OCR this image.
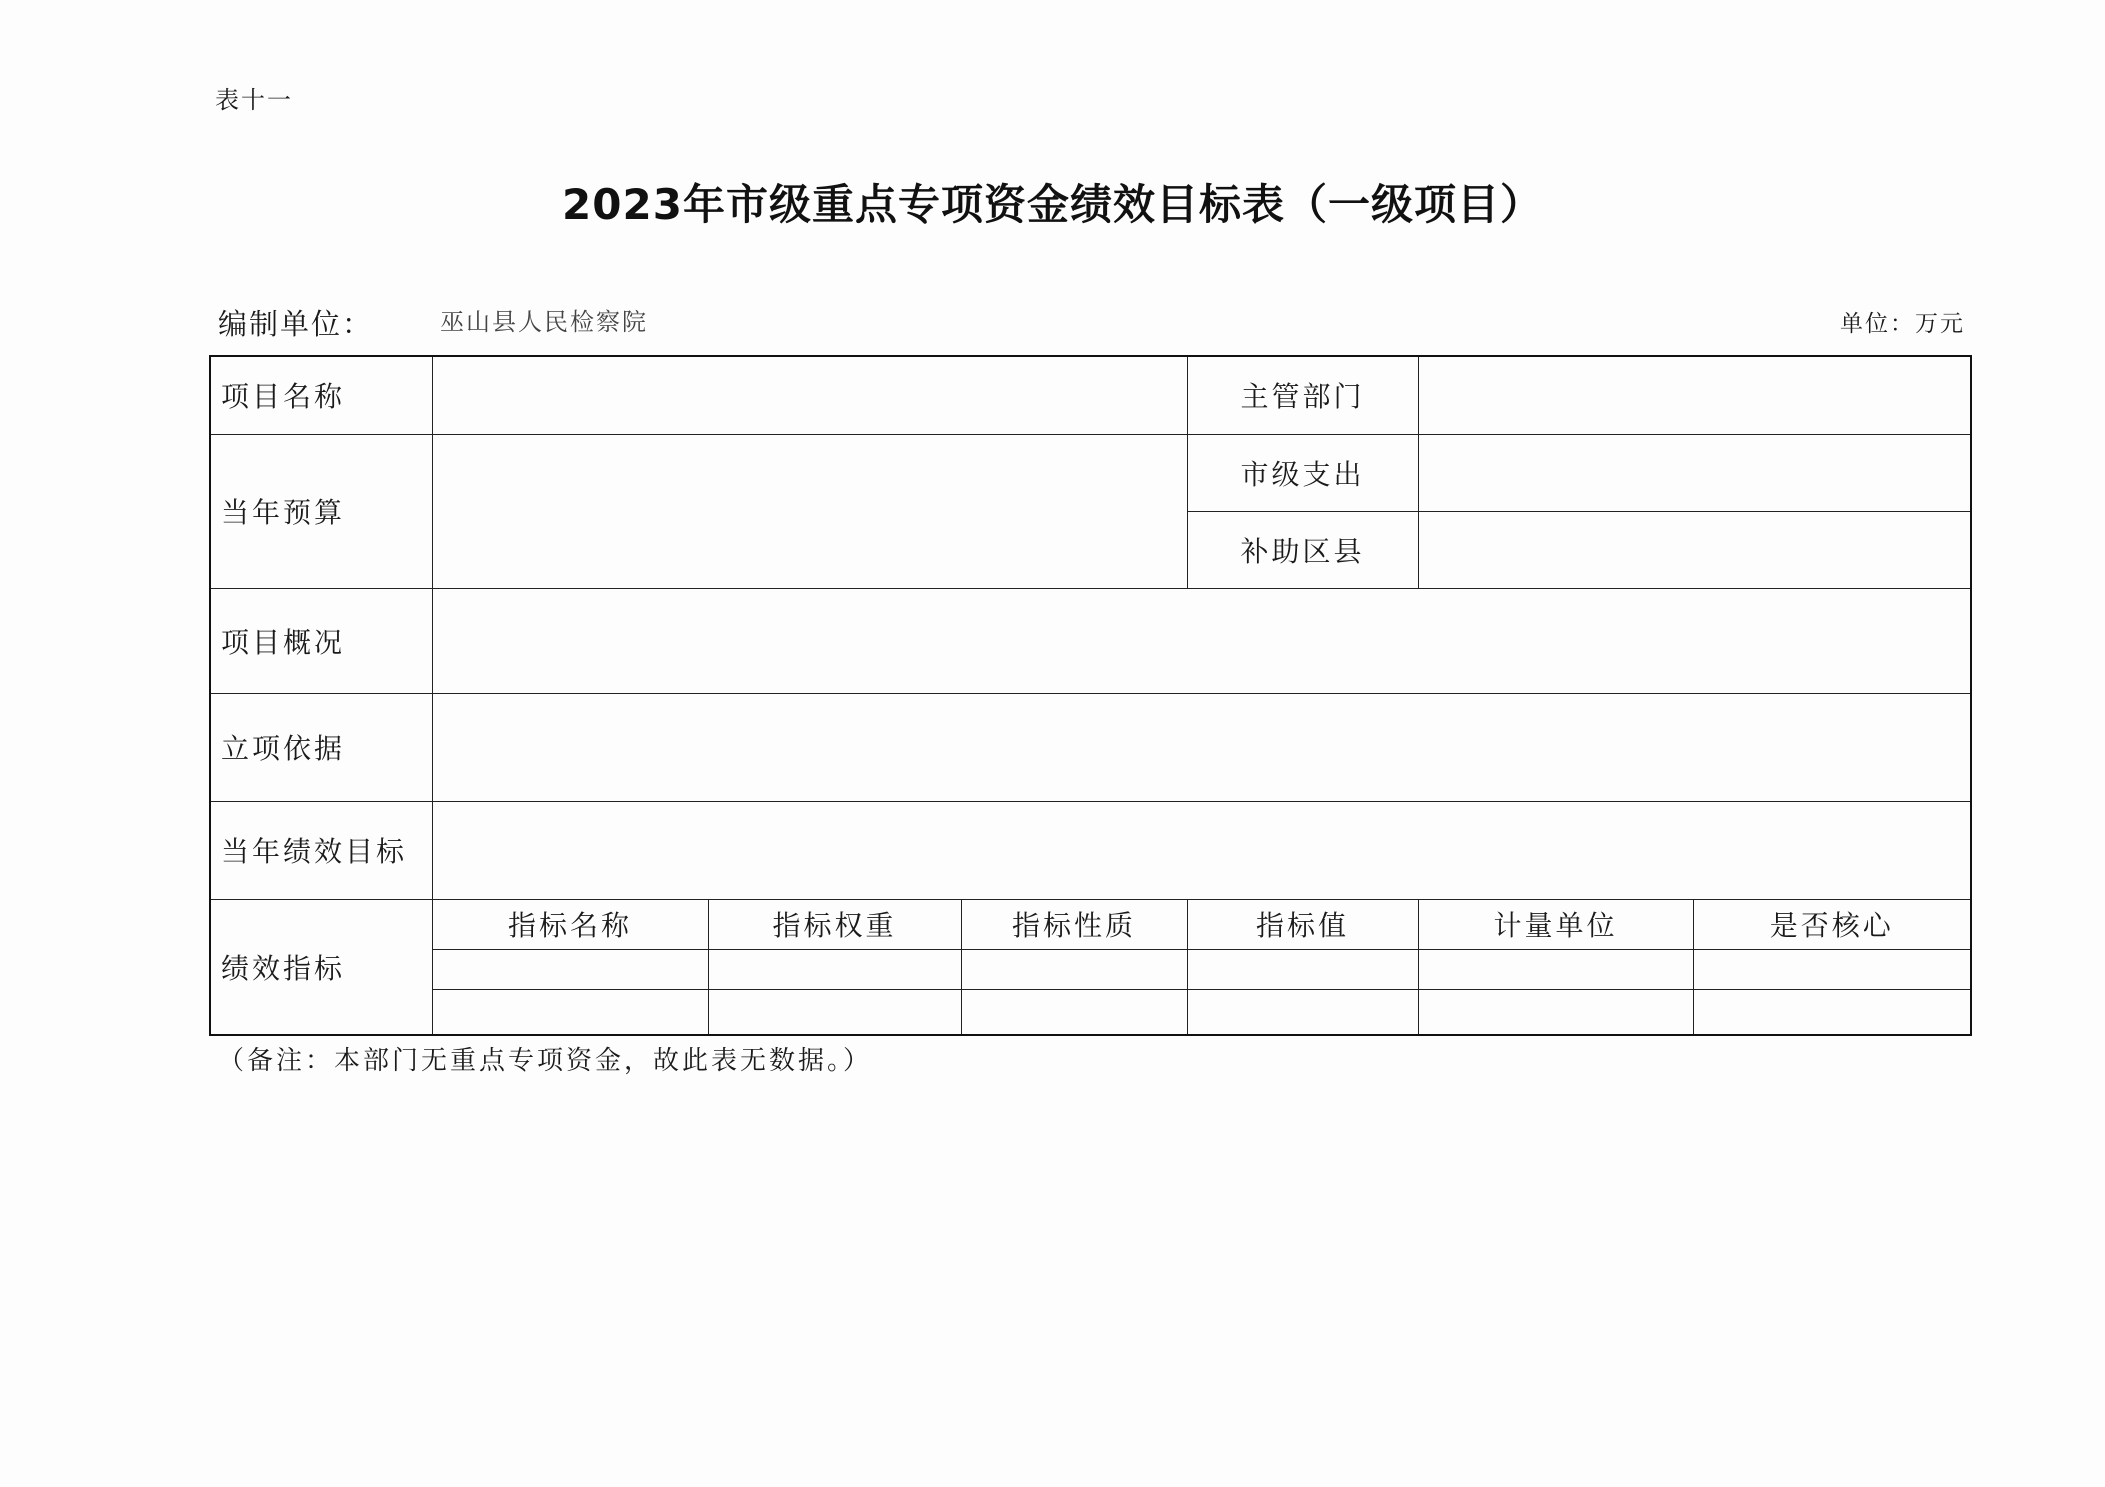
表十一
2023年市级重点专项资金绩效目标表（一级项目）
编制单位：	巫山县人民检察院	单位：万元
项目名称				主管部门		
当年预算				市级支出		
				补助区县		
项目概况						
立项依据						
当年绩效目标						
绩效指标	指标名称	指标权重	指标性质	指标值	计量单位	是否核心

（备注：本部门无重点专项资金，故此表无数据。）
